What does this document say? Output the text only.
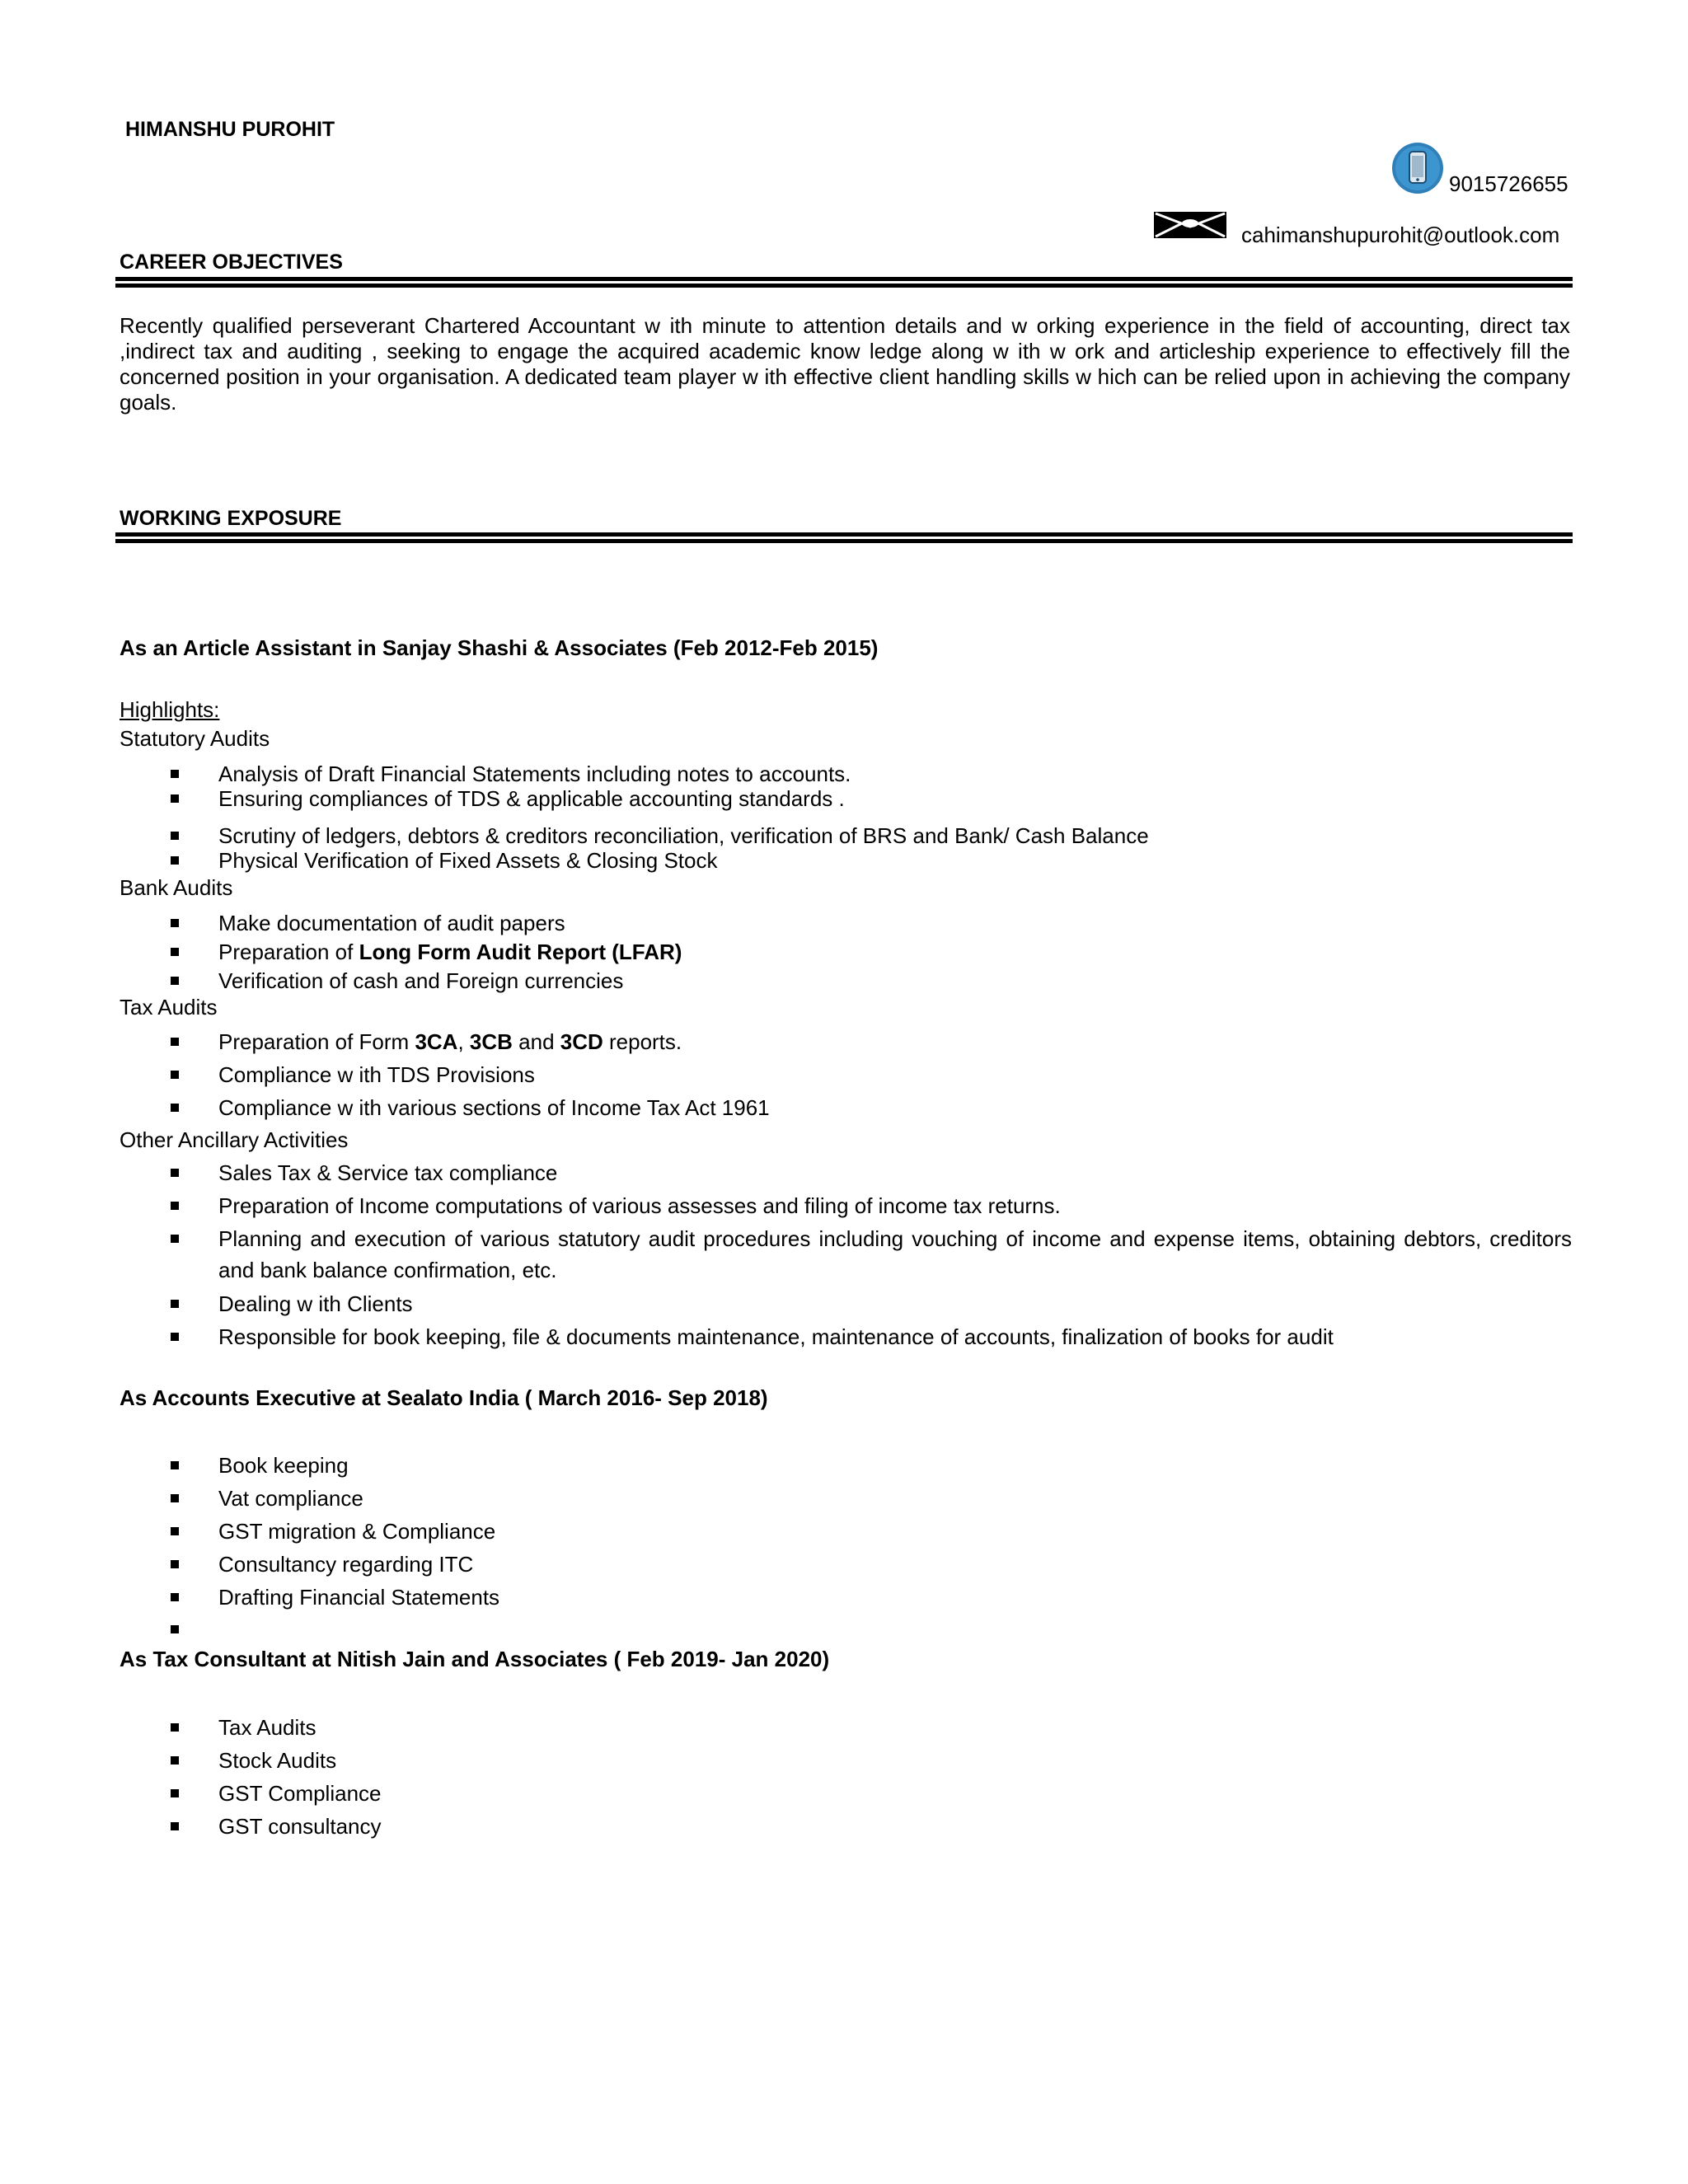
HIMANSHU PUROHIT
9015726655
cahimanshupurohit@outlook.com
CAREER OBJECTIVES
Recently qualified perseverant Chartered Accountant w ith minute to attention details and w orking experience in the field of accounting, direct tax ,indirect tax and auditing , seeking to engage the acquired academic know ledge along w ith w ork and articleship experience to effectively fill the concerned position in your organisation. A dedicated team player w ith effective client handling skills w hich can be relied upon in achieving the company goals.
WORKING EXPOSURE
As an Article Assistant in Sanjay Shashi & Associates (Feb 2012-Feb 2015)
Highlights:
Statutory Audits
Analysis of Draft Financial Statements including notes to accounts.
Ensuring compliances of TDS & applicable accounting standards .
Scrutiny of ledgers, debtors & creditors reconciliation, verification of BRS and Bank/ Cash Balance
Physical Verification of Fixed Assets & Closing Stock
Bank Audits
Make documentation of audit papers
Preparation of Long Form Audit Report (LFAR)
Verification of cash and Foreign currencies
Tax Audits
Preparation of Form 3CA, 3CB and 3CD reports.
Compliance w ith TDS Provisions
Compliance w ith various sections of Income Tax Act 1961
Other Ancillary Activities
Sales Tax & Service tax compliance
Preparation of Income computations of various assesses and filing of income tax returns.
Planning and execution of various statutory audit procedures including vouching of income and expense items, obtaining debtors, creditors and bank balance confirmation, etc.
Dealing w ith Clients
Responsible for book keeping, file & documents maintenance, maintenance of accounts, finalization of books for audit
As Accounts Executive at Sealato India ( March 2016- Sep 2018)
Book keeping
Vat compliance
GST migration & Compliance
Consultancy regarding ITC
Drafting Financial Statements
As Tax Consultant at Nitish Jain and Associates ( Feb 2019- Jan 2020)
Tax Audits
Stock Audits
GST Compliance
GST consultancy
